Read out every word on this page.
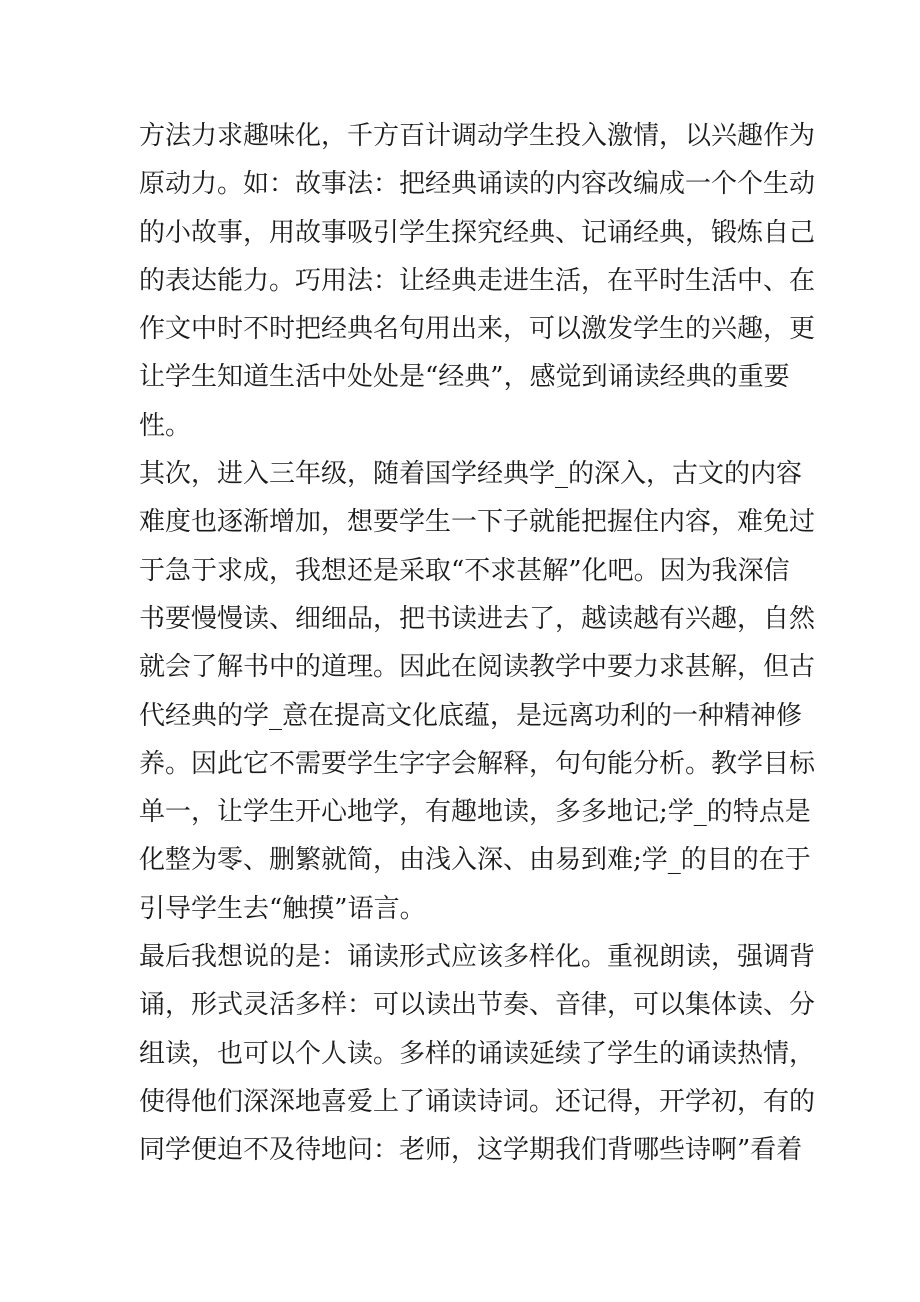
方法力求趣味化，千方百计调动学生投入激情，以兴趣作为
原动力。如：故事法：把经典诵读的内容改编成一个个生动
的小故事，用故事吸引学生探究经典、记诵经典，锻炼自己
的表达能力。巧用法：让经典走进生活，在平时生活中、在
作文中时不时把经典名句用出来，可以激发学生的兴趣，更
让学生知道生活中处处是“经典”，感觉到诵读经典的重要
性。
其次，进入三年级，随着国学经典学_的深入，古文的内容
难度也逐渐增加，想要学生一下子就能把握住内容，难免过
于急于求成，我想还是采取“不求甚解”化吧。因为我深信
书要慢慢读、细细品，把书读进去了，越读越有兴趣，自然
就会了解书中的道理。因此在阅读教学中要力求甚解，但古
代经典的学_意在提高文化底蕴，是远离功利的一种精神修
养。因此它不需要学生字字会解释，句句能分析。教学目标
单一，让学生开心地学，有趣地读，多多地记;学_的特点是
化整为零、删繁就简，由浅入深、由易到难;学_的目的在于
引导学生去“触摸”语言。
最后我想说的是：诵读形式应该多样化。重视朗读，强调背
诵，形式灵活多样：可以读出节奏、音律，可以集体读、分
组读，也可以个人读。多样的诵读延续了学生的诵读热情，
使得他们深深地喜爱上了诵读诗词。还记得，开学初，有的
同学便迫不及待地问：老师，这学期我们背哪些诗啊”看着
